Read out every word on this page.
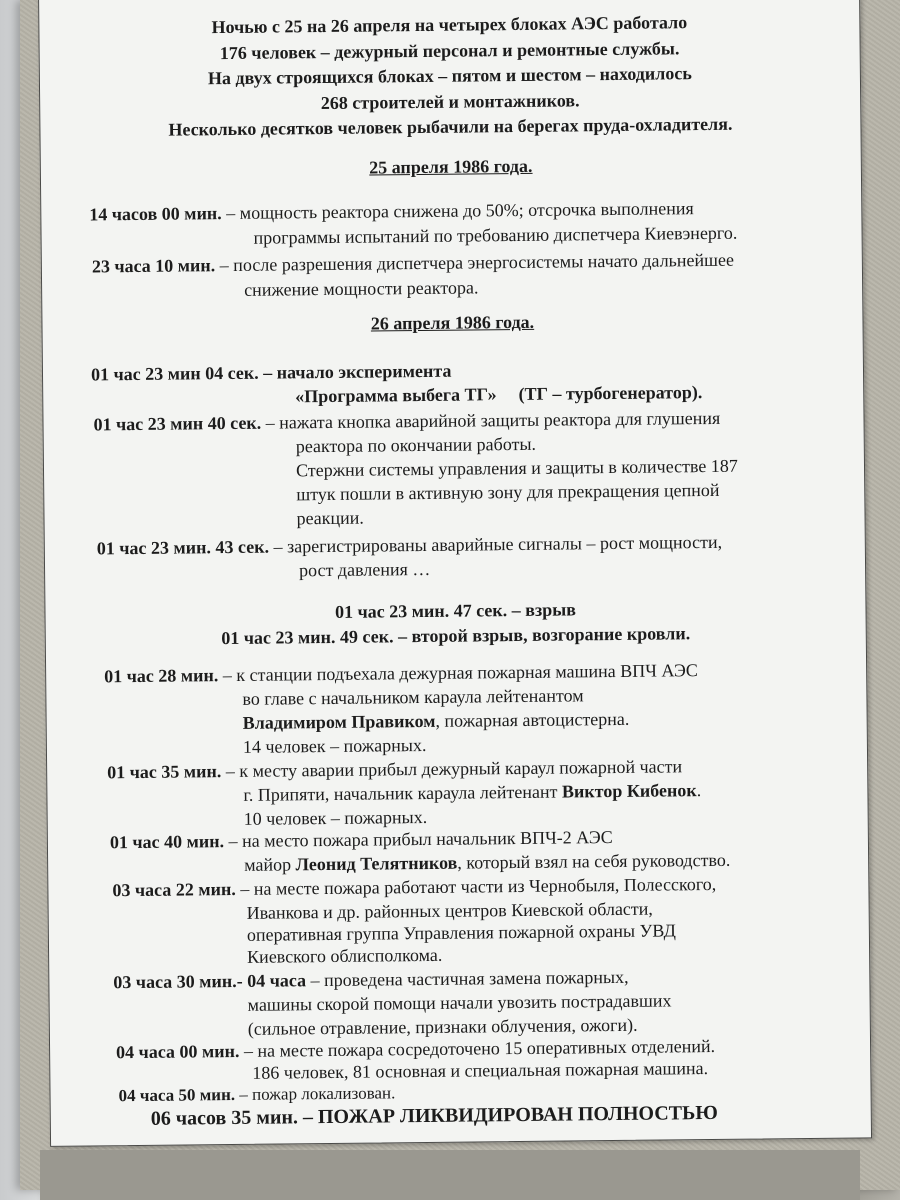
Ночью с 25 на 26 апреля на четырех блоках АЭС работало
176 человек – дежурный персонал и ремонтные службы.
На двух строящихся блоках – пятом и шестом – находилось
268 строителей и монтажников.
Несколько десятков человек рыбачили на берегах пруда-охладителя.
25 апреля 1986 года.
14 часов 00 мин. – мощность реактора снижена до 50%; отсрочка выполнения
программы испытаний по требованию диспетчера Киевэнерго.
23 часа 10 мин. – после разрешения диспетчера энергосистемы начато дальнейшее
снижение мощности реактора.
26 апреля 1986 года.
01 час 23 мин 04 сек. – начало эксперимента
«Программа выбега ТГ» (ТГ – турбогенератор).
01 час 23 мин 40 сек. – нажата кнопка аварийной защиты реактора для глушения
реактора по окончании работы.
Стержни системы управления и защиты в количестве 187
штук пошли в активную зону для прекращения цепной
реакции.
01 час 23 мин. 43 сек. – зарегистрированы аварийные сигналы – рост мощности,
рост давления …
01 час 23 мин. 47 сек. – взрыв
01 час 23 мин. 49 сек. – второй взрыв, возгорание кровли.
01 час 28 мин. – к станции подъехала дежурная пожарная машина ВПЧ АЭС
во главе с начальником караула лейтенантом
Владимиром Правиком, пожарная автоцистерна.
14 человек – пожарных.
01 час 35 мин. – к месту аварии прибыл дежурный караул пожарной части
г. Припяти, начальник караула лейтенант Виктор Кибенок.
10 человек – пожарных.
01 час 40 мин. – на место пожара прибыл начальник ВПЧ-2 АЭС
майор Леонид Телятников, который взял на себя руководство.
03 часа 22 мин. – на месте пожара работают части из Чернобыля, Полесского,
Иванкова и др. районных центров Киевской области,
оперативная группа Управления пожарной охраны УВД
Киевского облисполкома.
03 часа 30 мин.- 04 часа – проведена частичная замена пожарных,
машины скорой помощи начали увозить пострадавших
(сильное отравление, признаки облучения, ожоги).
04 часа 00 мин. – на месте пожара сосредоточено 15 оперативных отделений.
186 человек, 81 основная и специальная пожарная машина.
04 часа 50 мин. – пожар локализован.
06 часов 35 мин. – ПОЖАР ЛИКВИДИРОВАН ПОЛНОСТЬЮ
